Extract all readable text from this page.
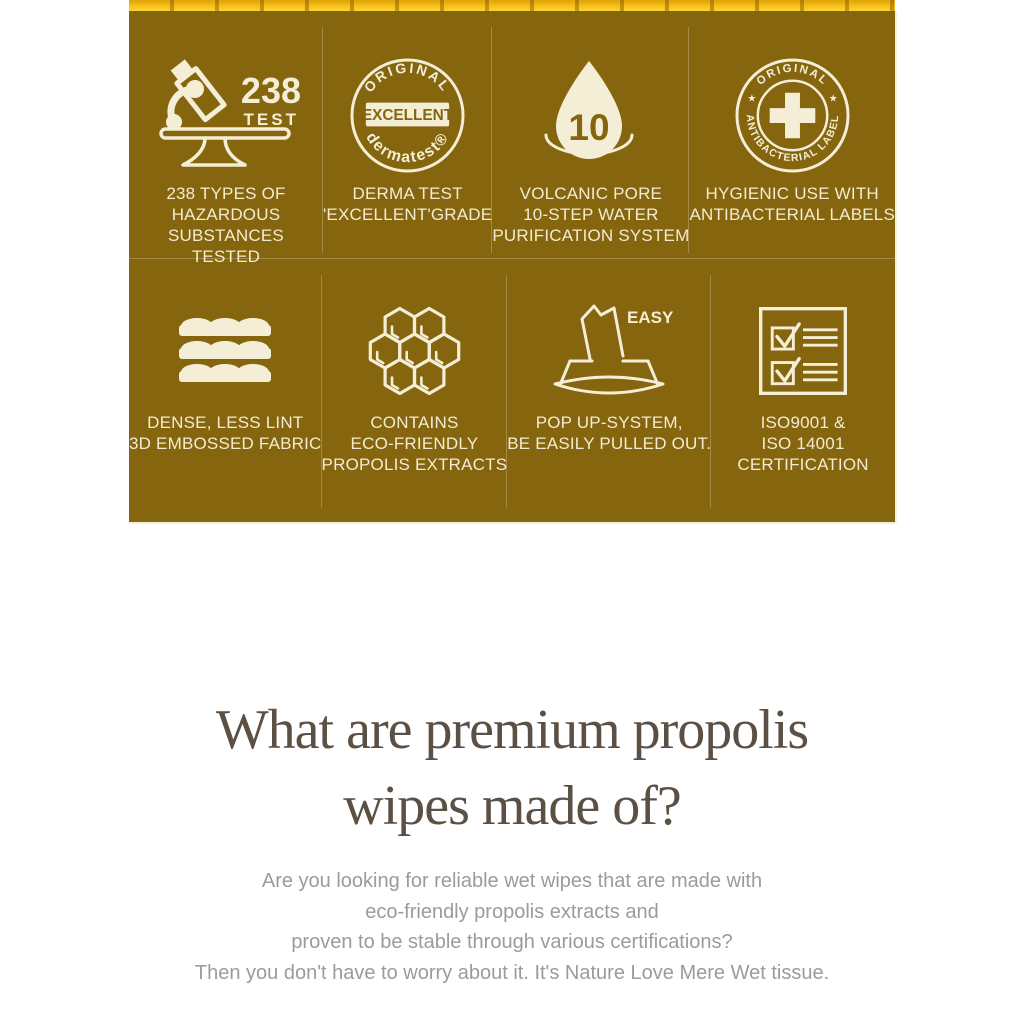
238
TEST
238 TYPES OF
HAZARDOUS
SUBSTANCES
TESTED
ORIGINAL
EXCELLENT
dermatest®
DERMA TEST
'EXCELLENT'GRADE
10
VOLCANIC PORE
10-STEP WATER
PURIFICATION SYSTEM
ORIGINAL
ANTIBACTERIAL LABEL
★	★
HYGIENIC USE WITH
ANTIBACTERIAL LABELS
DENSE, LESS LINT
3D EMBOSSED FABRIC
CONTAINS
ECO-FRIENDLY
PROPOLIS EXTRACTS
EASY
POP UP-SYSTEM,
BE EASILY PULLED OUT.
ISO9001 &
ISO 14001
CERTIFICATION
What are premium propolis
wipes made of?
Are you looking for reliable wet wipes that are made with
eco-friendly propolis extracts and
proven to be stable through various certifications?
Then you don't have to worry about it. It's Nature Love Mere Wet tissue.
